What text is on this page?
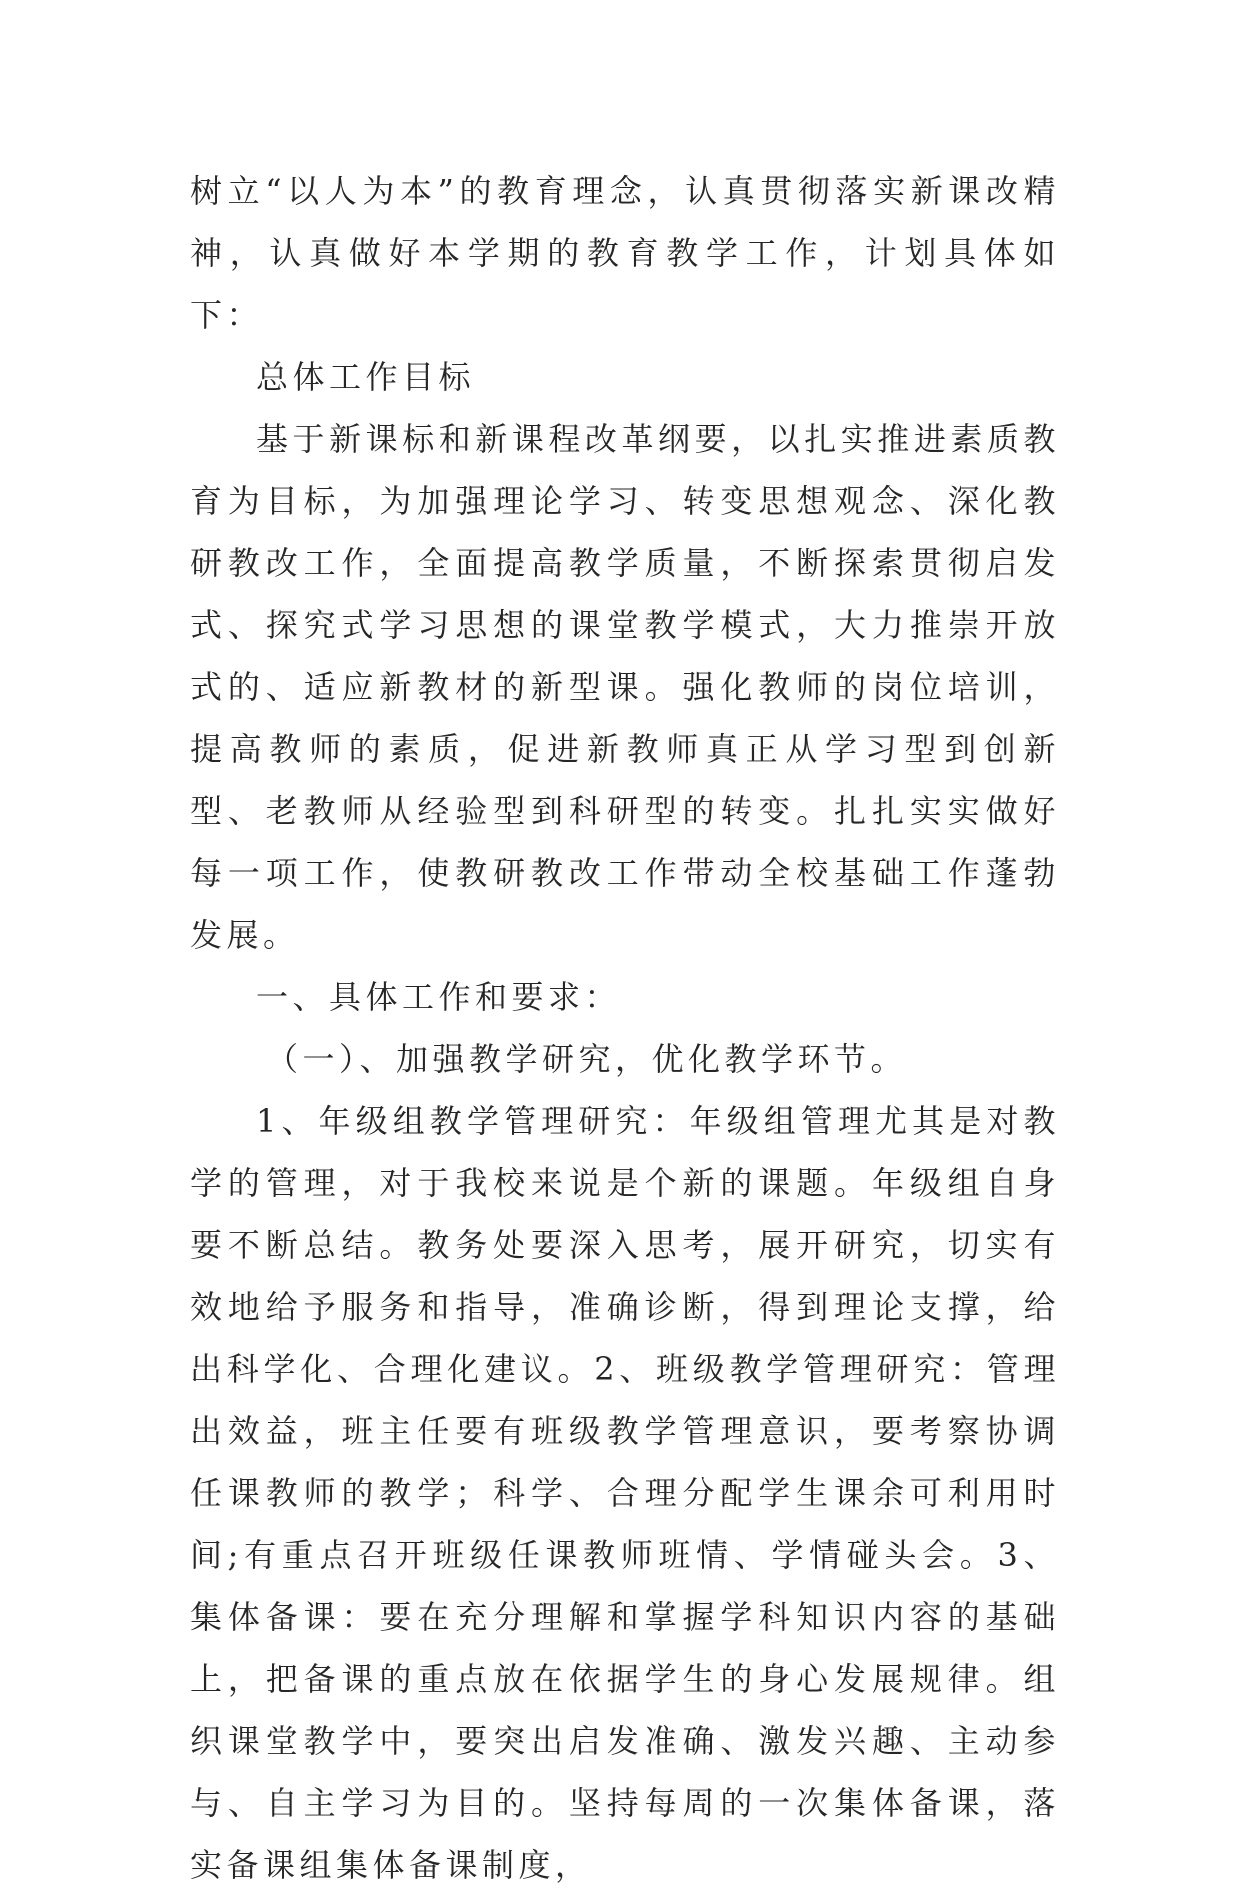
树立“以人为本”的教育理念，认真贯彻落实新课改精神，认真做好本学期的教育教学工作，计划具体如下：

总体工作目标

基于新课标和新课程改革纲要，以扎实推进素质教育为目标，为加强理论学习、转变思想观念、深化教研教改工作，全面提高教学质量，不断探索贯彻启发式、探究式学习思想的课堂教学模式，大力推崇开放式的、适应新教材的新型课。强化教师的岗位培训，提高教师的素质，促进新教师真正从学习型到创新型、老教师从经验型到科研型的转变。扎扎实实做好每一项工作，使教研教改工作带动全校基础工作蓬勃发展。

一、具体工作和要求：

（一）、加强教学研究，优化教学环节。

1、年级组教学管理研究：年级组管理尤其是对教学的管理，对于我校来说是个新的课题。年级组自身要不断总结。教务处要深入思考，展开研究，切实有效地给予服务和指导，准确诊断，得到理论支撑，给出科学化、合理化建议。2、班级教学管理研究：管理出效益，班主任要有班级教学管理意识，要考察协调任课教师的教学；科学、合理分配学生课余可利用时间;有重点召开班级任课教师班情、学情碰头会。3、集体备课：要在充分理解和掌握学科知识内容的基础上，把备课的重点放在依据学生的身心发展规律。组织课堂教学中，要突出启发准确、激发兴趣、主动参与、自主学习为目的。坚持每周的一次集体备课，落实备课组集体备课制度，
